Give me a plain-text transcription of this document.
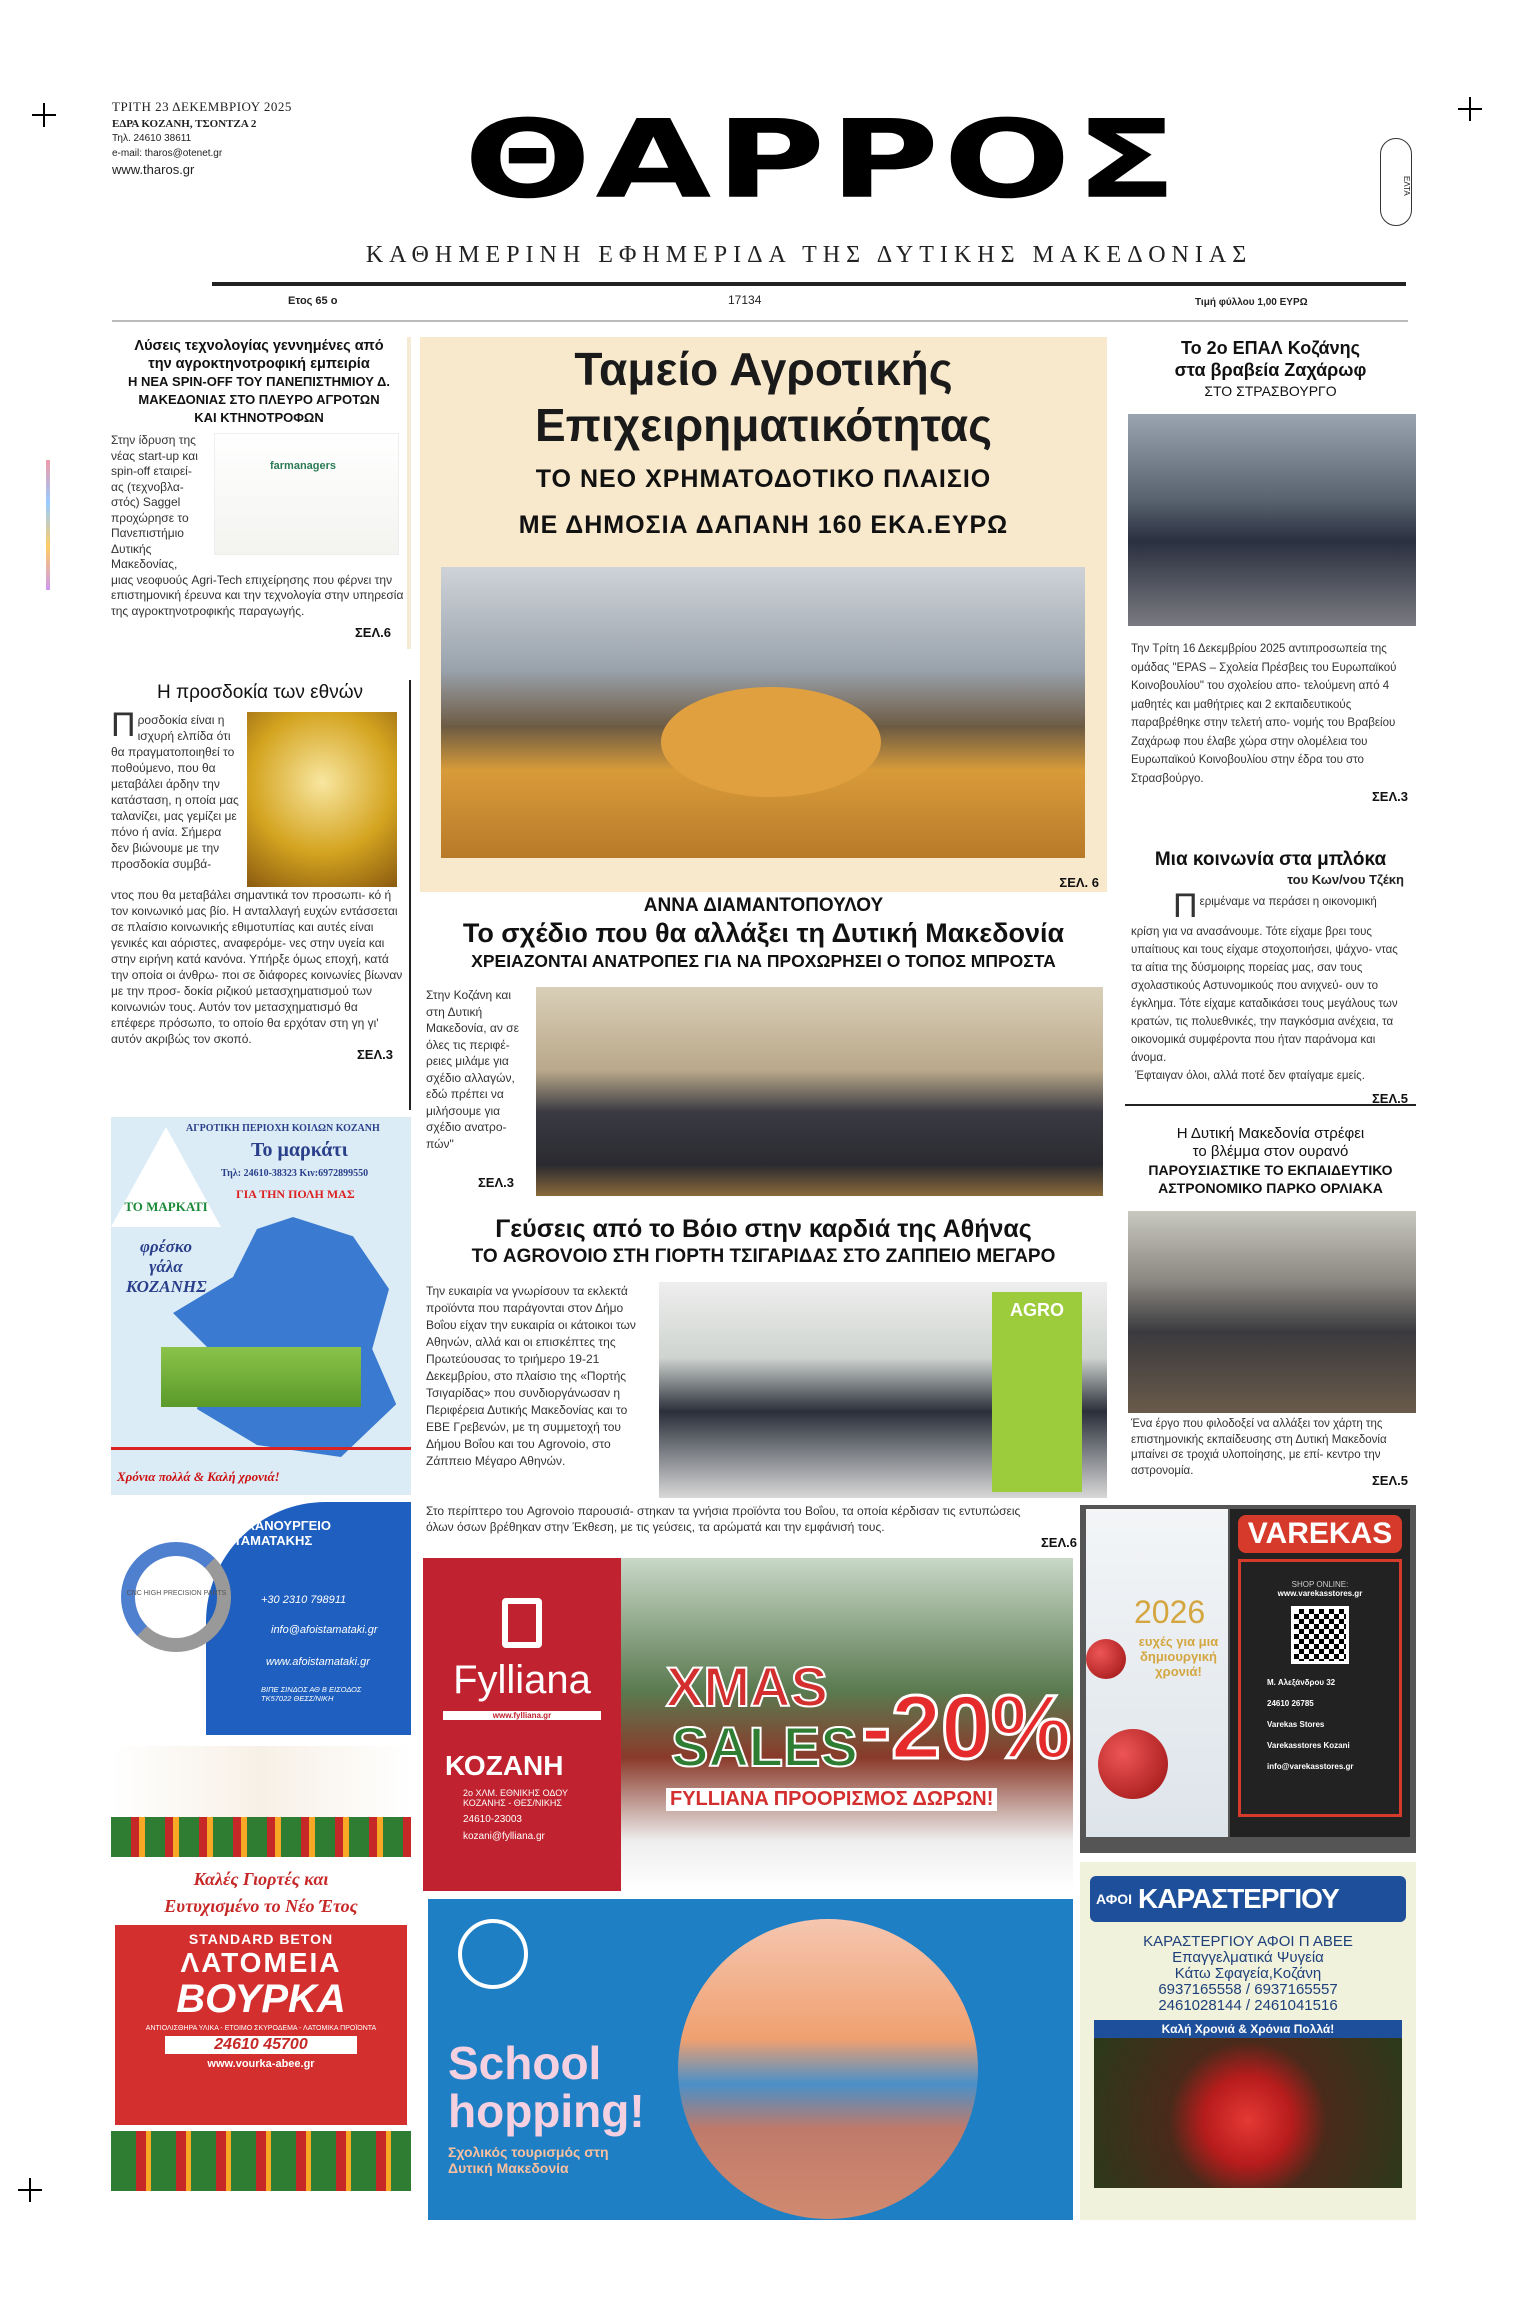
ΤΡΙΤΗ 23 ΔΕΚΕΜΒΡΙΟΥ 2025
ΕΔΡΑ ΚΟΖΑΝΗ, ΤΣΟΝΤΖΑ 2
Τηλ. 24610 38611
e-mail: tharos@otenet.gr
www.tharos.gr	ΘΑΡΡΟΣ	ΕΛΤΑ
ΚΑΘΗΜΕΡΙΝΗ ΕΦΗΜΕΡΙΔΑ ΤΗΣ ΔΥΤΙΚΗΣ ΜΑΚΕΔΟΝΙΑΣ
Ετος 65 ο	17134	Τιμή φύλλου 1,00 ΕΥΡΩ
Λύσεις τεχνολογίας γεννημένες από την αγροκτηνοτροφική εμπειρία
Η ΝΕΑ SPIN-OFF ΤΟΥ ΠΑΝΕΠΙΣΤΗΜΙΟΥ Δ. ΜΑΚΕΔΟΝΙΑΣ ΣΤΟ ΠΛΕΥΡΟ ΑΓΡΟΤΩΝ ΚΑΙ ΚΤΗΝΟΤΡΟΦΩΝ
Στην ίδρυση της νέας start-up και spin-off εταιρεί- ας (τεχνοβλα- στός) Saggel προχώρησε το Πανεπιστήμιο Δυτικής Μακεδονίας,
farmanagers
μιας νεοφυούς Agri-Tech επιχείρησης που φέρνει την επιστημονική έρευνα και την τεχνολογία στην υπηρεσία της αγροκτηνοτροφικής παραγωγής.
ΣΕΛ.6
Η προσδοκία των εθνών
Προσδοκία είναι η ισχυρή ελπίδα ότι θα πραγματοποιηθεί το ποθούμενο, που θα μεταβάλει άρδην την κατάσταση, η οποία μας ταλανίζει, μας γεμίζει με πόνο ή ανία. Σήμερα δεν βιώνουμε με την προσδοκία συμβά-
ντος που θα μεταβάλει σημαντικά τον προσωπι- κό ή τον κοινωνικό μας βίο. Η ανταλλαγή ευχών εντάσσεται σε πλαίσιο κοινωνικής εθιμοτυπίας και αυτές είναι γενικές και αόριστες, αναφερόμε- νες στην υγεία και στην ειρήνη κατά κανόνα. Υπήρξε όμως εποχή, κατά την οποία οι άνθρω- ποι σε διάφορες κοινωνίες βίωναν με την προσ- δοκία ριζικού μετασχηματισμού των κοινωνιών τους. Αυτόν τον μετασχηματισμό θα επέφερε πρόσωπο, το οποίο θα ερχόταν στη γη γι' αυτόν ακριβώς τον σκοπό.
ΣΕΛ.3
ΑΓΡΟΤΙΚΗ ΠΕΡΙΟΧΗ ΚΟΙΛΩΝ ΚΟΖΑΝΗ
Το μαρκάτι
Τηλ: 24610-38323 Κιν:6972899550
ΓΙΑ ΤΗΝ ΠΟΛΗ ΜΑΣ
ΤΟ ΜΑΡΚΑΤΙ
φρέσκο γάλα ΚΟΖΑΝΗΣ
Χρόνια πολλά & Καλή χρονιά!
CNC HIGH PRECISION PARTS
ΜΗΧΑΝΟΥΡΓΕΙΟ ΣΤΑΜΑΤΑΚΗΣ
+30 2310 798911
info@afoistamataki.gr
www.afoistamataki.gr
ΒΙΠΕ ΣΙΝΔΟΣ ΑΘ Β ΕΙΣΟΔΟΣ ΤΚ57022 ΘΕΣΣ/ΝΙΚΗ
Καλές Γιορτές και
Ευτυχισμένο το Νέο Έτος
STANDARD BETON
ΛΑΤΟΜΕΙΑ
ΒΟΥΡΚΑ
ΑΝΤΙΟΛΙΣΘΗΡΑ ΥΛΙΚΑ - ΕΤΟΙΜΟ ΣΚΥΡΟΔΕΜΑ - ΛΑΤΟΜΙΚΑ ΠΡΟΪΟΝΤΑ
24610 45700
www.vourka-abee.gr
Ταμείο Αγροτικής
Επιχειρηματικότητας
ΤΟ ΝΕΟ ΧΡΗΜΑΤΟΔΟΤΙΚΟ ΠΛΑΙΣΙΟ
ΜΕ ΔΗΜΟΣΙΑ ΔΑΠΑΝΗ 160 ΕΚΑ.ΕΥΡΩ
ΣΕΛ. 6
ΑΝΝΑ ΔΙΑΜΑΝΤΟΠΟΥΛΟΥ
Το σχέδιο που θα αλλάξει τη Δυτική Μακεδονία
ΧΡΕΙΑΖΟΝΤΑΙ ΑΝΑΤΡΟΠΕΣ ΓΙΑ ΝΑ ΠΡΟΧΩΡΗΣΕΙ Ο ΤΟΠΟΣ ΜΠΡΟΣΤΑ
Στην Κοζάνη και στη Δυτική Μακεδονία, αν σε όλες τις περιφέ- ρειες μιλάμε για σχέδιο αλλαγών, εδώ πρέπει να μιλήσουμε για σχέδιο ανατρο- πών"
ΣΕΛ.3
Γεύσεις από το Βόιο στην καρδιά της Αθήνας
ΤΟ AGROVOIO ΣΤΗ ΓΙΟΡΤΗ ΤΣΙΓΑΡΙΔΑΣ ΣΤΟ ΖΑΠΠΕΙΟ ΜΕΓΑΡΟ
Την ευκαιρία να γνωρίσουν τα εκλεκτά προϊόντα που παράγονται στον Δήμο Βοΐου είχαν την ευκαιρία οι κάτοικοι των Αθηνών, αλλά και οι επισκέπτες της Πρωτεύουσας το τριήμερο 19-21 Δεκεμβρίου, στο πλαίσιο της «Πορτής Τσιγαρίδας» που συνδιοργάνωσαν η Περιφέρεια Δυτικής Μακεδονίας και το ΕΒΕ Γρεβενών, με τη συμμετοχή του Δήμου Βοΐου και του Agrovoio, στο Ζάππειο Μέγαρο Αθηνών.
AGRO
Στο περίπτερο του Agrovoio παρουσιά- στηκαν τα γνήσια προϊόντα του Βοΐου, τα οποία κέρδισαν τις εντυπώσεις όλων όσων βρέθηκαν στην Έκθεση, με τις γεύσεις, τα αρώματά και την εμφάνισή τους.
ΣΕΛ.6
Fylliana
www.fylliana.gr
ΚΟΖΑΝΗ
2ο ΧΛΜ. ΕΘΝΙΚΗΣ ΟΔΟΥ ΚΟΖΑΝΗΣ - ΘΕΣ/ΝΙΚΗΣ
24610-23003
kozani@fylliana.gr
XMAS
SALES -20%
FYLLIANA ΠΡΟΟΡΙΣΜΟΣ ΔΩΡΩΝ!
School
hopping!
Σχολικός τουρισμός στη Δυτική Μακεδονία
Το 2ο ΕΠΑΛ Κοζάνης
στα βραβεία Ζαχάρωφ
ΣΤΟ ΣΤΡΑΣΒΟΥΡΓΟ
Την Τρίτη 16 Δεκεμβρίου 2025 αντιπροσωπεία της ομάδας "EPAS – Σχολεία Πρέσβεις του Ευρωπαϊκού Κοινοβουλίου" του σχολείου απο- τελούμενη από 4 μαθητές και μαθήτριες και 2 εκπαιδευτικούς παραβρέθηκε στην τελετή απο- νομής του Βραβείου Ζαχάρωφ που έλαβε χώρα στην ολομέλεια του Ευρωπαϊκού Κοινοβουλίου στην έδρα του στο Στρασβούργο.
ΣΕΛ.3
Μια κοινωνία στα μπλόκα
του Κων/νου Τζέκη
Περιμέναμε να περάσει η οικονομική
κρίση για να ανασάνουμε. Τότε είχαμε βρει τους υπαίτιους και τους είχαμε στοχοποιήσει, ψάχνο- ντας τα αίτια της δύσμοιρης πορείας μας, σαν τους σχολαστικούς Αστυνομικούς που ανιχνεύ- ουν το έγκλημα. Τότε είχαμε καταδικάσει τους μεγάλους των κρατών, τις πολυεθνικές, την παγκόσμια ανέχεια, τα οικονομικά συμφέροντα που ήταν παράνομα και άνομα.
Έφταιγαν όλοι, αλλά ποτέ δεν φταίγαμε εμείς.
ΣΕΛ.5
Η Δυτική Μακεδονία στρέφει
το βλέμμα στον ουρανό
ΠΑΡΟΥΣΙΑΣΤΙΚΕ ΤΟ ΕΚΠΑΙΔΕΥΤΙΚΟ ΑΣΤΡΟΝΟΜΙΚΟ ΠΑΡΚΟ ΟΡΛΙΑΚΑ
Ένα έργο που φιλοδοξεί να αλλάξει τον χάρτη της επιστημονικής εκπαίδευσης στη Δυτική Μακεδονία μπαίνει σε τροχιά υλοποίησης, με επί- κεντρο την αστρονομία.
ΣΕΛ.5
2026
ευχές για μια δημιουργική χρονιά!
VAREKAS
SHOP ONLINE:
www.varekasstores.gr
Μ. Αλεξάνδρου 32
24610 26785
Varekas Stores
Varekasstores Kozani
info@varekasstores.gr
ΑΦΟΙ ΚΑΡΑΣΤΕΡΓΙΟΥ
ΚΑΡΑΣΤΕΡΓΙΟΥ ΑΦΟΙ Π ΑΒΕΕ
Επαγγελματικά Ψυγεία
Κάτω Σφαγεία,Κοζάνη
6937165558 / 6937165557
2461028144 / 2461041516
Καλή Χρονιά & Χρόνια Πολλά!
